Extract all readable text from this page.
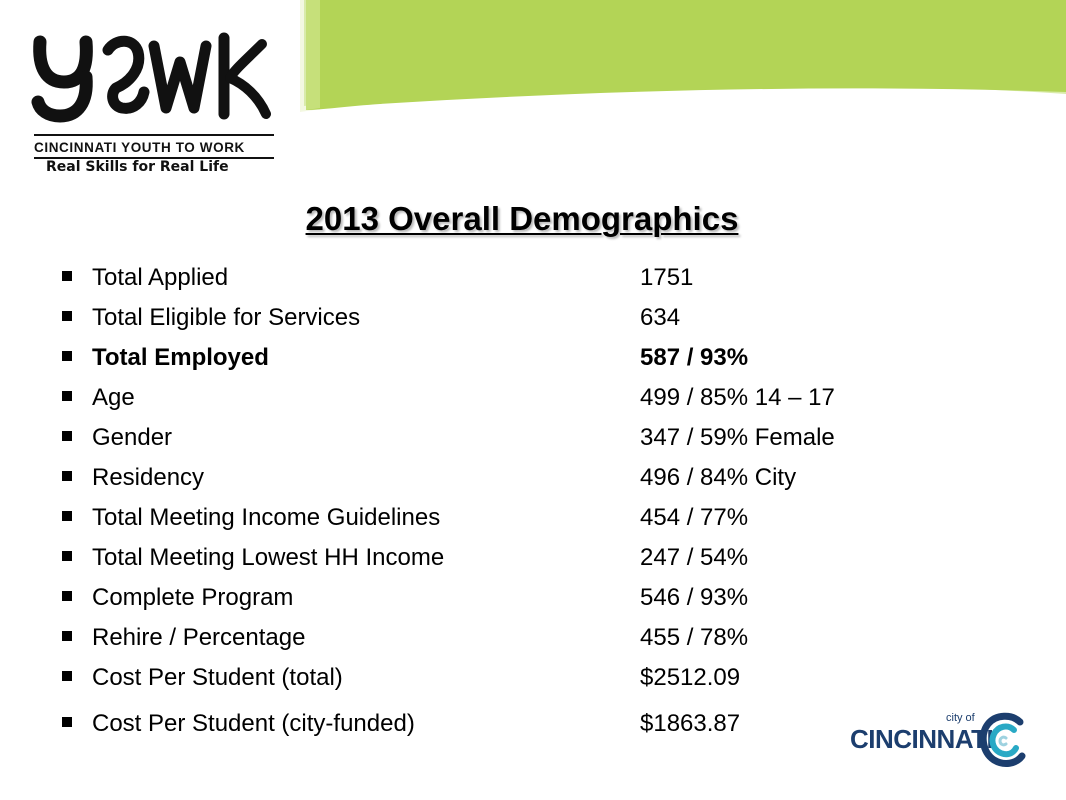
CINCINNATI YOUTH TO WORK
Real Skills for Real Life
2013 Overall Demographics
Total Applied	1751
Total Eligible for Services	634
Total Employed	587 / 93%
Age	499 / 85% 14 – 17
Gender	347 / 59% Female
Residency	496 / 84% City
Total Meeting Income Guidelines	454 / 77%
Total Meeting Lowest HH Income	247 / 54%
Complete Program	546 / 93%
Rehire / Percentage	455 / 78%
Cost Per Student (total)	$2512.09
Cost Per Student (city-funded)	$1863.87	city of
CINCINNATI
